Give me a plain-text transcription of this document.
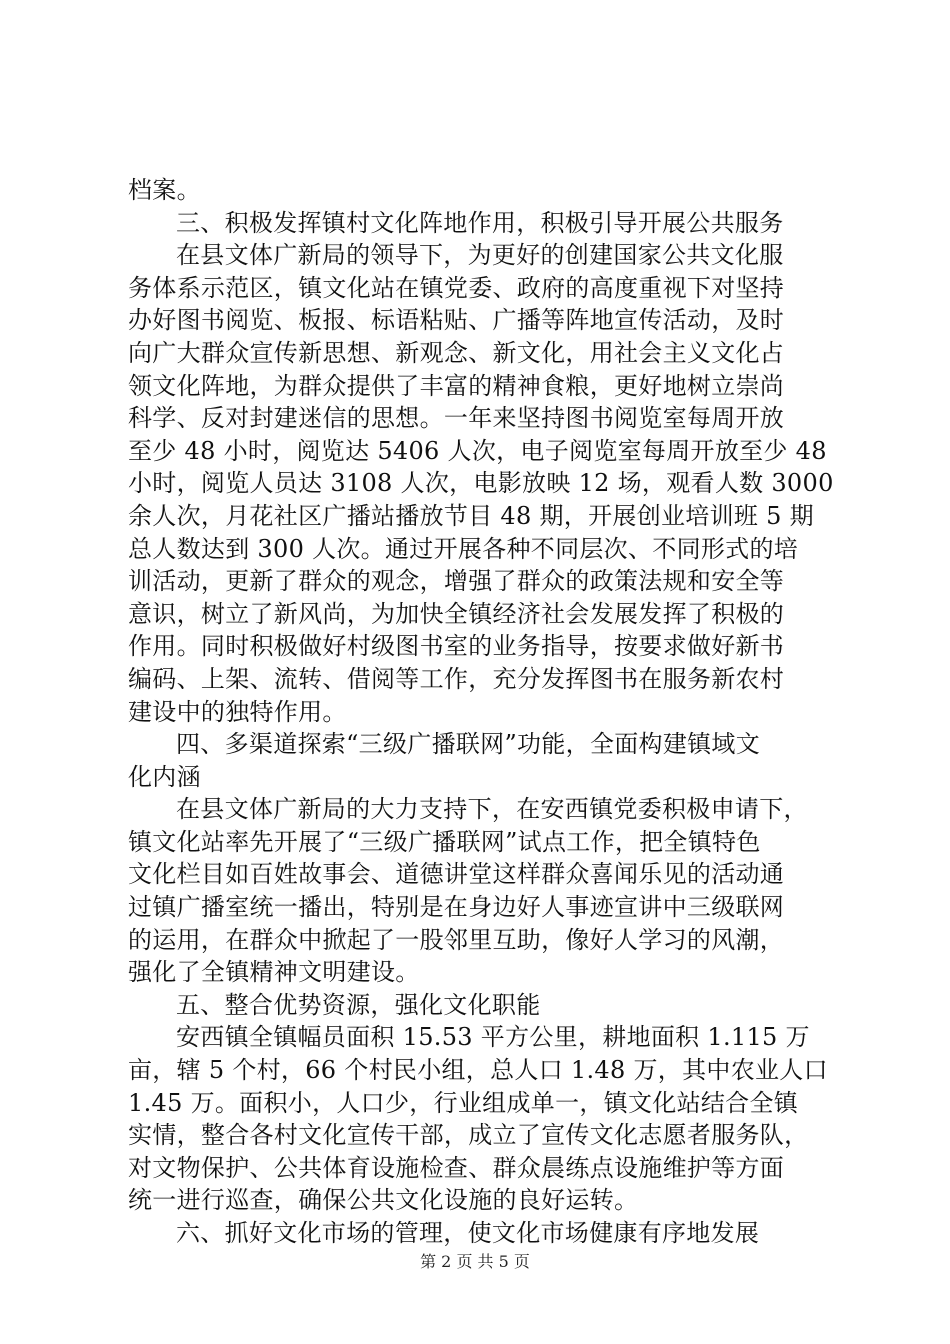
档案。
三、积极发挥镇村文化阵地作用，积极引导开展公共服务
在县文体广新局的领导下，为更好的创建国家公共文化服
务体系示范区，镇文化站在镇党委、政府的高度重视下对坚持
办好图书阅览、板报、标语粘贴、广播等阵地宣传活动，及时
向广大群众宣传新思想、新观念、新文化，用社会主义文化占
领文化阵地，为群众提供了丰富的精神食粮，更好地树立崇尚
科学、反对封建迷信的思想。一年来坚持图书阅览室每周开放
至少 48 小时，阅览达 5406 人次，电子阅览室每周开放至少 48
小时，阅览人员达 3108 人次，电影放映 12 场，观看人数 3000
余人次，月花社区广播站播放节目 48 期，开展创业培训班 5 期
总人数达到 300 人次。通过开展各种不同层次、不同形式的培
训活动，更新了群众的观念，增强了群众的政策法规和安全等
意识，树立了新风尚，为加快全镇经济社会发展发挥了积极的
作用。同时积极做好村级图书室的业务指导，按要求做好新书
编码、上架、流转、借阅等工作，充分发挥图书在服务新农村
建设中的独特作用。
四、多渠道探索“三级广播联网”功能，全面构建镇域文
化内涵
在县文体广新局的大力支持下，在安西镇党委积极申请下，
镇文化站率先开展了“三级广播联网”试点工作，把全镇特色
文化栏目如百姓故事会、道德讲堂这样群众喜闻乐见的活动通
过镇广播室统一播出，特别是在身边好人事迹宣讲中三级联网
的运用，在群众中掀起了一股邻里互助，像好人学习的风潮，
强化了全镇精神文明建设。
五、整合优势资源，强化文化职能
安西镇全镇幅员面积 15.53 平方公里，耕地面积 1.115 万
亩，辖 5 个村，66 个村民小组，总人口 1.48 万，其中农业人口
1.45 万。面积小，人口少，行业组成单一，镇文化站结合全镇
实情，整合各村文化宣传干部，成立了宣传文化志愿者服务队，
对文物保护、公共体育设施检查、群众晨练点设施维护等方面
统一进行巡查，确保公共文化设施的良好运转。
六、抓好文化市场的管理，使文化市场健康有序地发展
第 2 页 共 5 页
